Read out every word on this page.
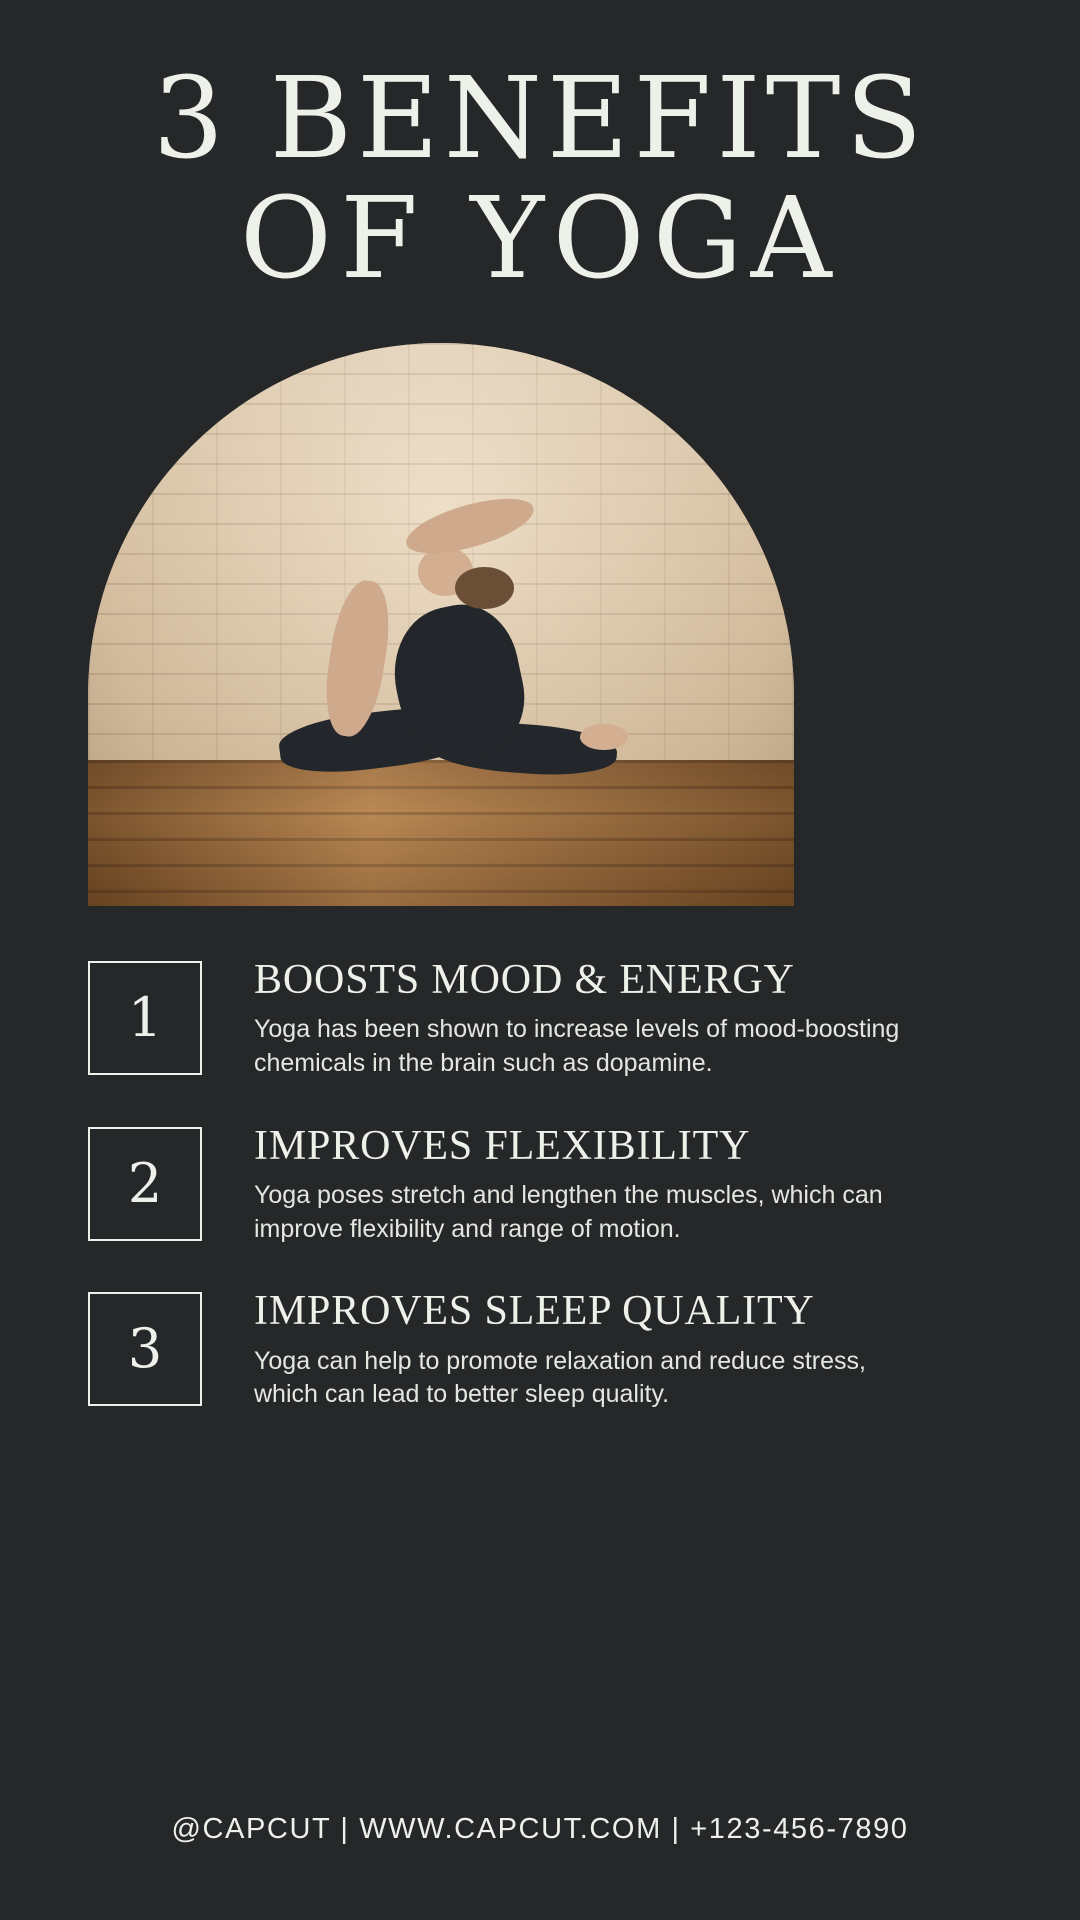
3 BENEFITS
OF YOGA
1
BOOSTS MOOD & ENERGY
Yoga has been shown to increase levels of mood-boosting chemicals in the brain such as dopamine.
2
IMPROVES FLEXIBILITY
Yoga poses stretch and lengthen the muscles, which can improve flexibility and range of motion.
3
IMPROVES SLEEP QUALITY
Yoga can help to promote relaxation and reduce stress, which can lead to better sleep quality.
@CAPCUT | WWW.CAPCUT.COM | +123-456-7890
